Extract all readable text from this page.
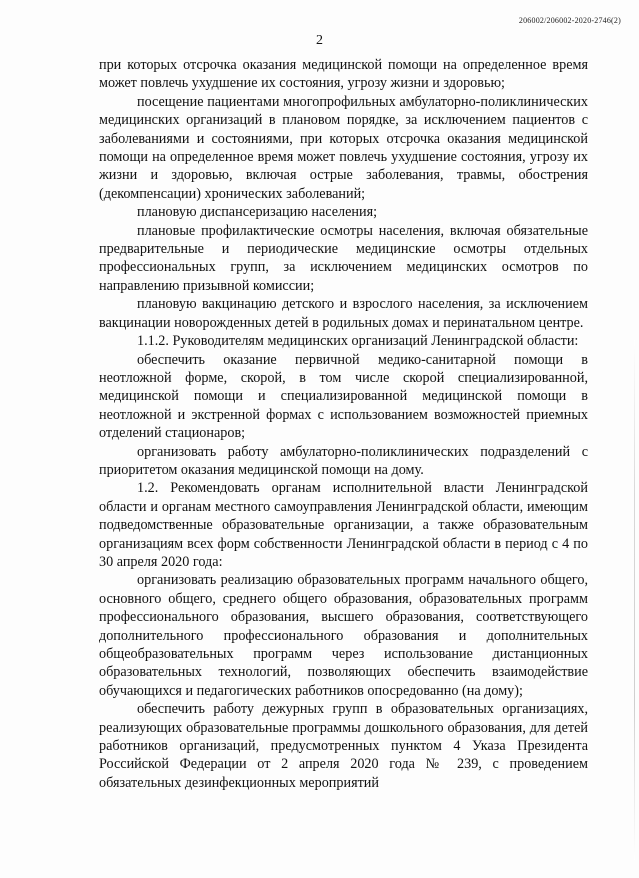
206002/206002-2020-2746(2)
2

при которых отсрочка оказания медицинской помощи на определенное время может повлечь ухудшение их состояния, угрозу жизни и здоровью;

посещение пациентами многопрофильных амбулаторно-поликлинических медицинских организаций в плановом порядке, за исключением пациентов с заболеваниями и состояниями, при которых отсрочка оказания медицинской помощи на определенное время может повлечь ухудшение состояния, угрозу их жизни и здоровью, включая острые заболевания, травмы, обострения (декомпенсации) хронических заболеваний;

плановую диспансеризацию населения;

плановые профилактические осмотры населения, включая обязательные предварительные и периодические медицинские осмотры отдельных профессиональных групп, за исключением медицинских осмотров по направлению призывной комиссии;

плановую вакцинацию детского и взрослого населения, за исключением вакцинации новорожденных детей в родильных домах и перинатальном центре.

1.1.2. Руководителям медицинских организаций Ленинградской области:

обеспечить оказание первичной медико-санитарной помощи в неотложной форме, скорой, в том числе скорой специализированной, медицинской помощи и специализированной медицинской помощи в неотложной и экстренной формах с использованием возможностей приемных отделений стационаров;

организовать работу амбулаторно-поликлинических подразделений с приоритетом оказания медицинской помощи на дому.

1.2. Рекомендовать органам исполнительной власти Ленинградской области и органам местного самоуправления Ленинградской области, имеющим подведомственные образовательные организации, а также образовательным организациям всех форм собственности Ленинградской области в период с 4 по 30 апреля 2020 года:

организовать реализацию образовательных программ начального общего, основного общего, среднего общего образования, образовательных программ профессионального образования, высшего образования, соответствующего дополнительного профессионального образования и дополнительных общеобразовательных программ через использование дистанционных образовательных технологий, позволяющих обеспечить взаимодействие обучающихся и педагогических работников опосредованно (на дому);

обеспечить работу дежурных групп в образовательных организациях, реализующих образовательные программы дошкольного образования, для детей работников организаций, предусмотренных пунктом 4 Указа Президента Российской Федерации от 2 апреля 2020 года № 239, с проведением обязательных дезинфекционных мероприятий
